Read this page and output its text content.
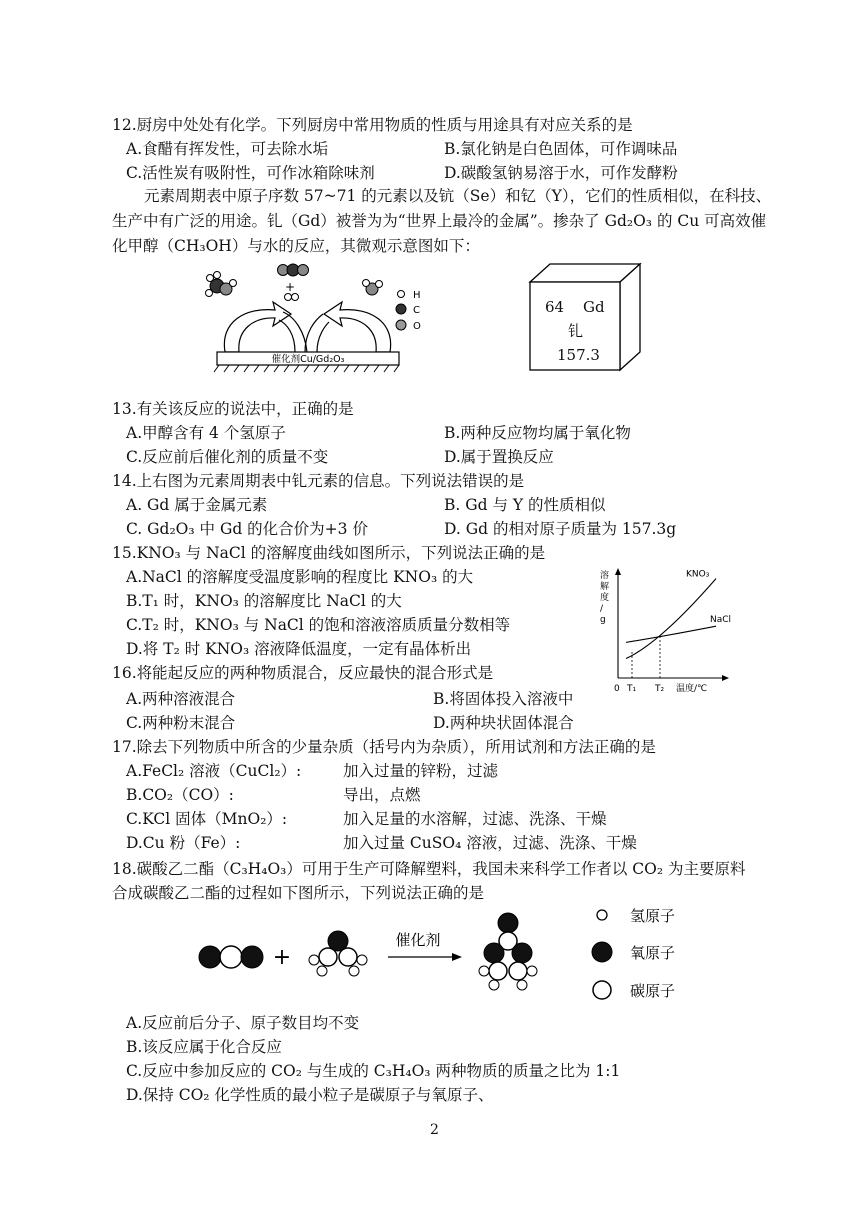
12.厨房中处处有化学。下列厨房中常用物质的性质与用途具有对应关系的是
A.食醋有挥发性，可去除水垢	B.氯化钠是白色固体，可作调味品
C.活性炭有吸附性，可作冰箱除味剂	D.碳酸氢钠易溶于水，可作发酵粉
元素周期表中原子序数 57~71 的元素以及钪（Se）和钇（Y），它们的性质相似，在科技、生产中有广泛的用途。钆（Gd）被誉为为“世界上最冷的金属”。掺杂了 Gd₂O₃ 的 Cu 可高效催化甲醇（CH₃OH）与水的反应，其微观示意图如下：
+
催化剂Cu/Gd₂O₃
H
C
O
64 Gd
钆
157.3
13.有关该反应的说法中，正确的是
A.甲醇含有 4 个氢原子	B.两种反应物均属于氧化物
C.反应前后催化剂的质量不变	D.属于置换反应
14.上右图为元素周期表中钆元素的信息。下列说法错误的是
A. Gd 属于金属元素	B. Gd 与 Y 的性质相似
C. Gd₂O₃ 中 Gd 的化合价为+3 价	D. Gd 的相对原子质量为 157.3g
15.KNO₃ 与 NaCl 的溶解度曲线如图所示，下列说法正确的是
A.NaCl 的溶解度受温度影响的程度比 KNO₃ 的大
B.T₁ 时，KNO₃ 的溶解度比 NaCl 的大
C.T₂ 时，KNO₃ 与 NaCl 的饱和溶液溶质质量分数相等
D.将 T₂ 时 KNO₃ 溶液降低温度，一定有晶体析出
KNO₃
NaCl
0 T₁ T₂ 温度/℃
溶
解
度
/
g
16.将能起反应的两种物质混合，反应最快的混合形式是
A.两种溶液混合	B.将固体投入溶液中
C.两种粉末混合	D.两种块状固体混合
17.除去下列物质中所含的少量杂质（括号内为杂质），所用试剂和方法正确的是
A.FeCl₂ 溶液（CuCl₂）:	加入过量的锌粉，过滤
B.CO₂（CO）:	导出，点燃
C.KCl 固体（MnO₂）:	加入足量的水溶解，过滤、洗涤、干燥
D.Cu 粉（Fe）:	加入过量 CuSO₄ 溶液，过滤、洗涤、干燥
18.碳酸乙二酯（C₃H₄O₃）可用于生产可降解塑料，我国未来科学工作者以 CO₂ 为主要原料
合成碳酸乙二酯的过程如下图所示，下列说法正确的是
+
催化剂
氢原子
氧原子
碳原子
A.反应前后分子、原子数目均不变
B.该反应属于化合反应
C.反应中参加反应的 CO₂ 与生成的 C₃H₄O₃ 两种物质的质量之比为 1:1
D.保持 CO₂ 化学性质的最小粒子是碳原子与氧原子、
2
